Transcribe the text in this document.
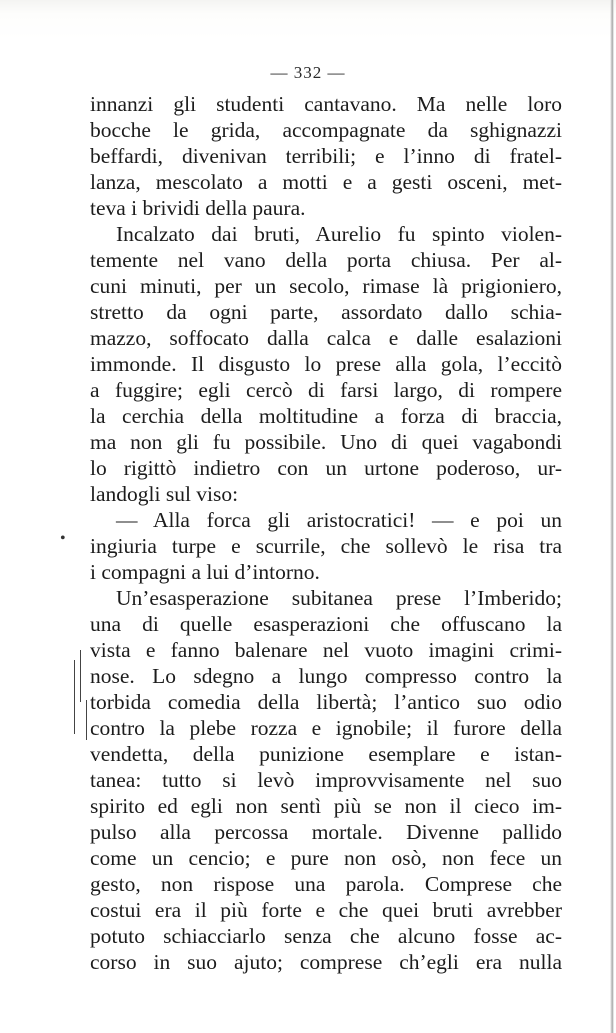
— 332 —
•
innanzi gli studenti cantavano. Ma nelle loro
bocche le grida, accompagnate da sghignazzi
beffardi, divenivan terribili; e l’inno di fratel-
lanza, mescolato a motti e a gesti osceni, met-
teva i brividi della paura.
Incalzato dai bruti, Aurelio fu spinto violen-
temente nel vano della porta chiusa. Per al-
cuni minuti, per un secolo, rimase là prigioniero,
stretto da ogni parte, assordato dallo schia-
mazzo, soffocato dalla calca e dalle esalazioni
immonde. Il disgusto lo prese alla gola, l’eccitò
a fuggire; egli cercò di farsi largo, di rompere
la cerchia della moltitudine a forza di braccia,
ma non gli fu possibile. Uno di quei vagabondi
lo rigittò indietro con un urtone poderoso, ur-
landogli sul viso:
— Alla forca gli aristocratici! — e poi un
ingiuria turpe e scurrile, che sollevò le risa tra
i compagni a lui d’intorno.
Un’esasperazione subitanea prese l’Imberido;
una di quelle esasperazioni che offuscano la
vista e fanno balenare nel vuoto imagini crimi-
nose. Lo sdegno a lungo compresso contro la
torbida comedia della libertà; l’antico suo odio
contro la plebe rozza e ignobile; il furore della
vendetta, della punizione esemplare e istan-
tanea: tutto si levò improvvisamente nel suo
spirito ed egli non sentì più se non il cieco im-
pulso alla percossa mortale. Divenne pallido
come un cencio; e pure non osò, non fece un
gesto, non rispose una parola. Comprese che
costui era il più forte e che quei bruti avrebber
potuto schiacciarlo senza che alcuno fosse ac-
corso in suo ajuto; comprese ch’egli era nulla
